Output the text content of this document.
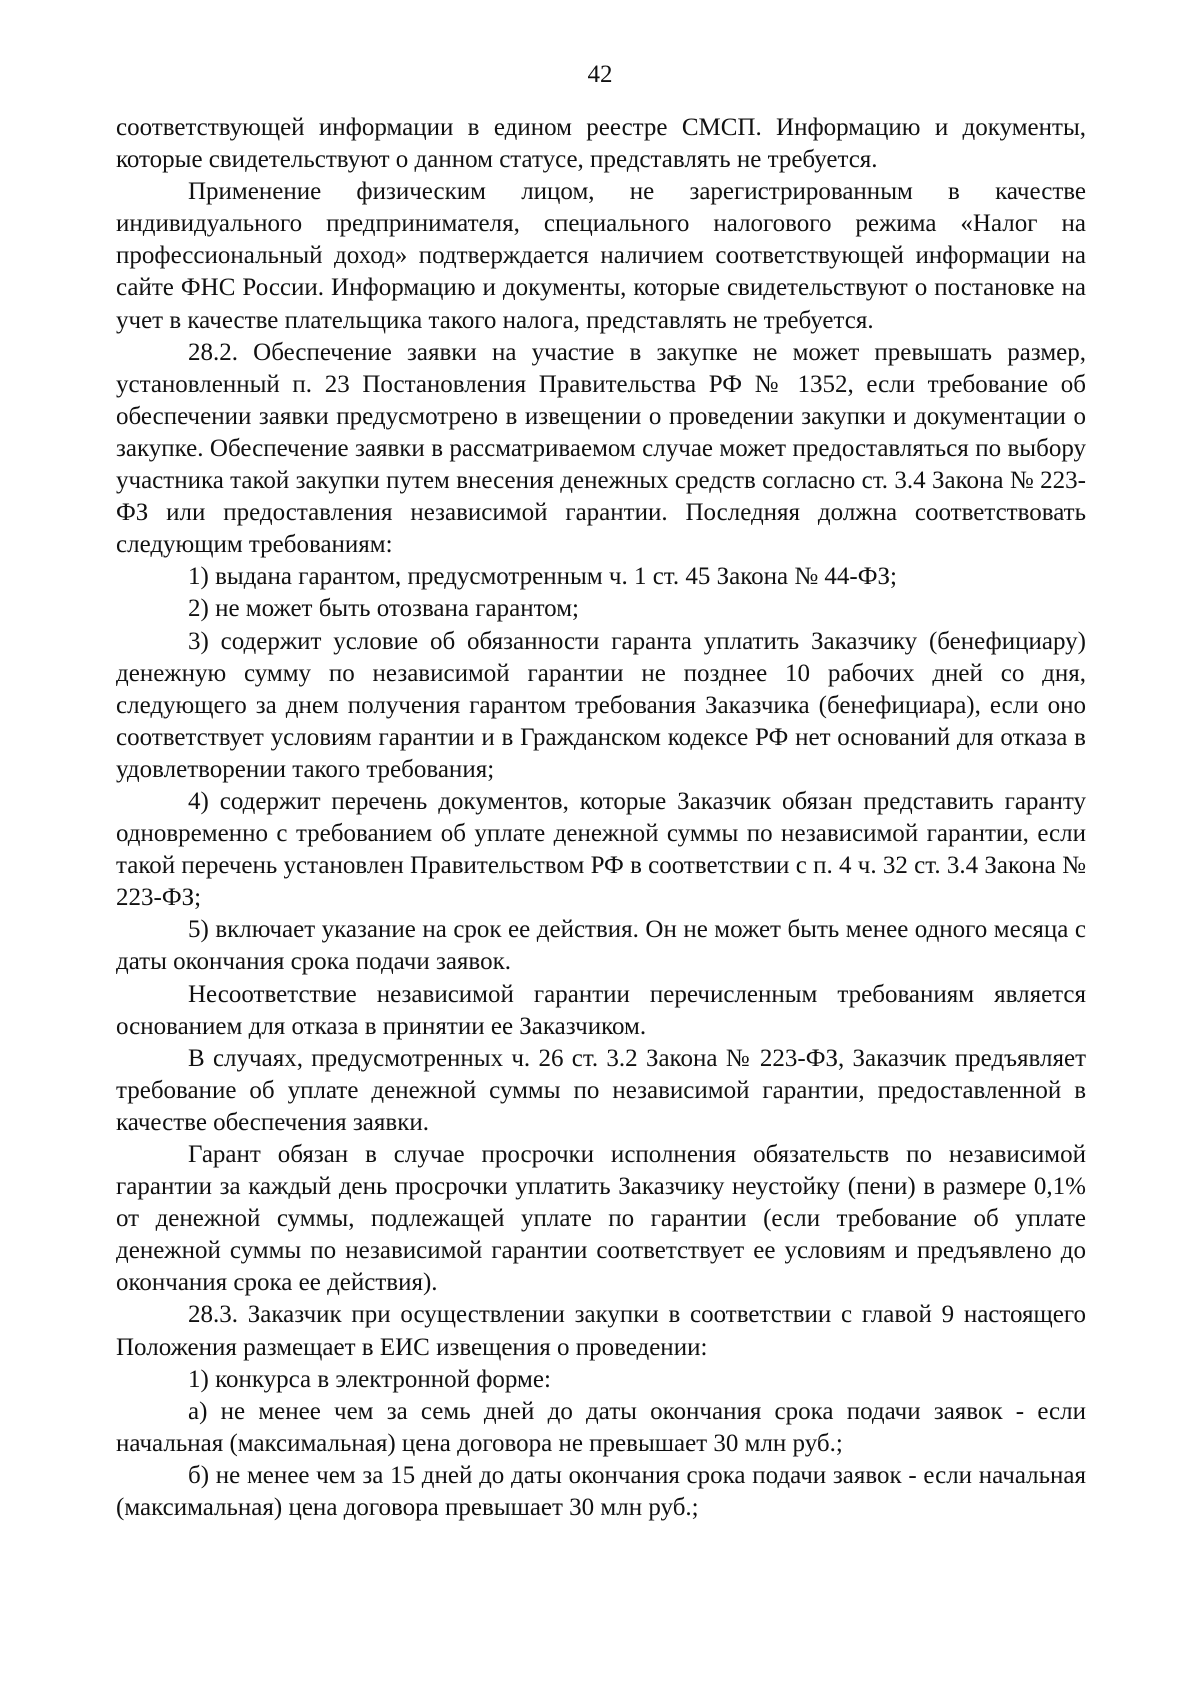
42

соответствующей информации в едином реестре СМСП. Информацию и документы, которые свидетельствуют о данном статусе, представлять не требуется.

Применение физическим лицом, не зарегистрированным в качестве индивидуального предпринимателя, специального налогового режима «Налог на профессиональный доход» подтверждается наличием соответствующей информации на сайте ФНС России. Информацию и документы, которые свидетельствуют о постановке на учет в качестве плательщика такого налога, представлять не требуется.

28.2. Обеспечение заявки на участие в закупке не может превышать размер, установленный п. 23 Постановления Правительства РФ № 1352, если требование об обеспечении заявки предусмотрено в извещении о проведении закупки и документации о закупке. Обеспечение заявки в рассматриваемом случае может предоставляться по выбору участника такой закупки путем внесения денежных средств согласно ст. 3.4 Закона № 223-ФЗ или предоставления независимой гарантии. Последняя должна соответствовать следующим требованиям:

1) выдана гарантом, предусмотренным ч. 1 ст. 45 Закона № 44-ФЗ;

2) не может быть отозвана гарантом;

3) содержит условие об обязанности гаранта уплатить Заказчику (бенефициару) денежную сумму по независимой гарантии не позднее 10 рабочих дней со дня, следующего за днем получения гарантом требования Заказчика (бенефициара), если оно соответствует условиям гарантии и в Гражданском кодексе РФ нет оснований для отказа в удовлетворении такого требования;

4) содержит перечень документов, которые Заказчик обязан представить гаранту одновременно с требованием об уплате денежной суммы по независимой гарантии, если такой перечень установлен Правительством РФ в соответствии с п. 4 ч. 32 ст. 3.4 Закона № 223-ФЗ;

5) включает указание на срок ее действия. Он не может быть менее одного месяца с даты окончания срока подачи заявок.

Несоответствие независимой гарантии перечисленным требованиям является основанием для отказа в принятии ее Заказчиком.

В случаях, предусмотренных ч. 26 ст. 3.2 Закона № 223-ФЗ, Заказчик предъявляет требование об уплате денежной суммы по независимой гарантии, предоставленной в качестве обеспечения заявки.

Гарант обязан в случае просрочки исполнения обязательств по независимой гарантии за каждый день просрочки уплатить Заказчику неустойку (пени) в размере 0,1% от денежной суммы, подлежащей уплате по гарантии (если требование об уплате денежной суммы по независимой гарантии соответствует ее условиям и предъявлено до окончания срока ее действия).

28.3. Заказчик при осуществлении закупки в соответствии с главой 9 настоящего Положения размещает в ЕИС извещения о проведении:

1) конкурса в электронной форме:

а) не менее чем за семь дней до даты окончания срока подачи заявок - если начальная (максимальная) цена договора не превышает 30 млн руб.;

б) не менее чем за 15 дней до даты окончания срока подачи заявок - если начальная (максимальная) цена договора превышает 30 млн руб.;
